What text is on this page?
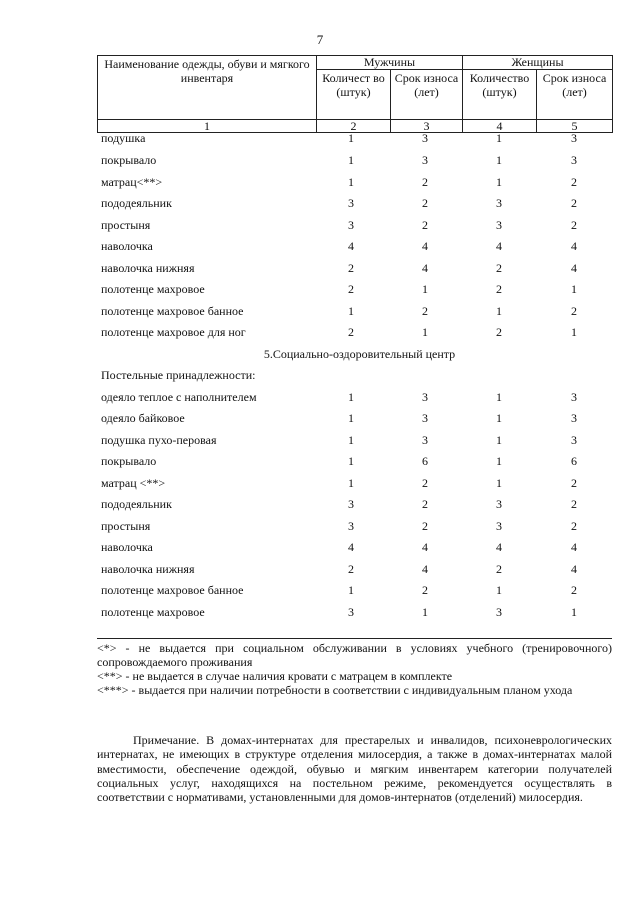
7
Наименование одежды, обуви и мягкого инвентаря	Мужчины		Женщины	
	Количест во (штук)	Срок износа (лет)	Количество (штук)	Срок износа (лет)
1	2	3	4	5
подушка	1	3	1	3
покрывало	1	3	1	3
матрац<**>	1	2	1	2
пододеяльник	3	2	3	2
простыня	3	2	3	2
наволочка	4	4	4	4
наволочка нижняя	2	4	2	4
полотенце махровое	2	1	2	1
полотенце махровое банное	1	2	1	2
полотенце махровое для ног	2	1	2	1
5.Социально-оздоровительный центр
Постельные принадлежности:
одеяло теплое с наполнителем	1	3	1	3
одеяло байковое	1	3	1	3
подушка пухо-перовая	1	3	1	3
покрывало	1	6	1	6
матрац <**>	1	2	1	2
пододеяльник	3	2	3	2
простыня	3	2	3	2
наволочка	4	4	4	4
наволочка нижняя	2	4	2	4
полотенце махровое банное	1	2	1	2
полотенце махровое	3	1	3	1

<*> - не выдается при социальном обслуживании в условиях учебного (тренировочного) сопровождаемого проживания

<**> - не выдается в случае наличия кровати с матрацем в комплекте

<***> - выдается при наличии потребности в соответствии с индивидуальным планом ухода

Примечание. В домах-интернатах для престарелых и инвалидов, психоневрологических интернатах, не имеющих в структуре отделения милосердия, а также в домах-интернатах малой вместимости, обеспечение одеждой, обувью и мягким инвентарем категории получателей социальных услуг, находящихся на постельном режиме, рекомендуется осуществлять в соответствии с нормативами, установленными для домов-интернатов (отделений) милосердия.
